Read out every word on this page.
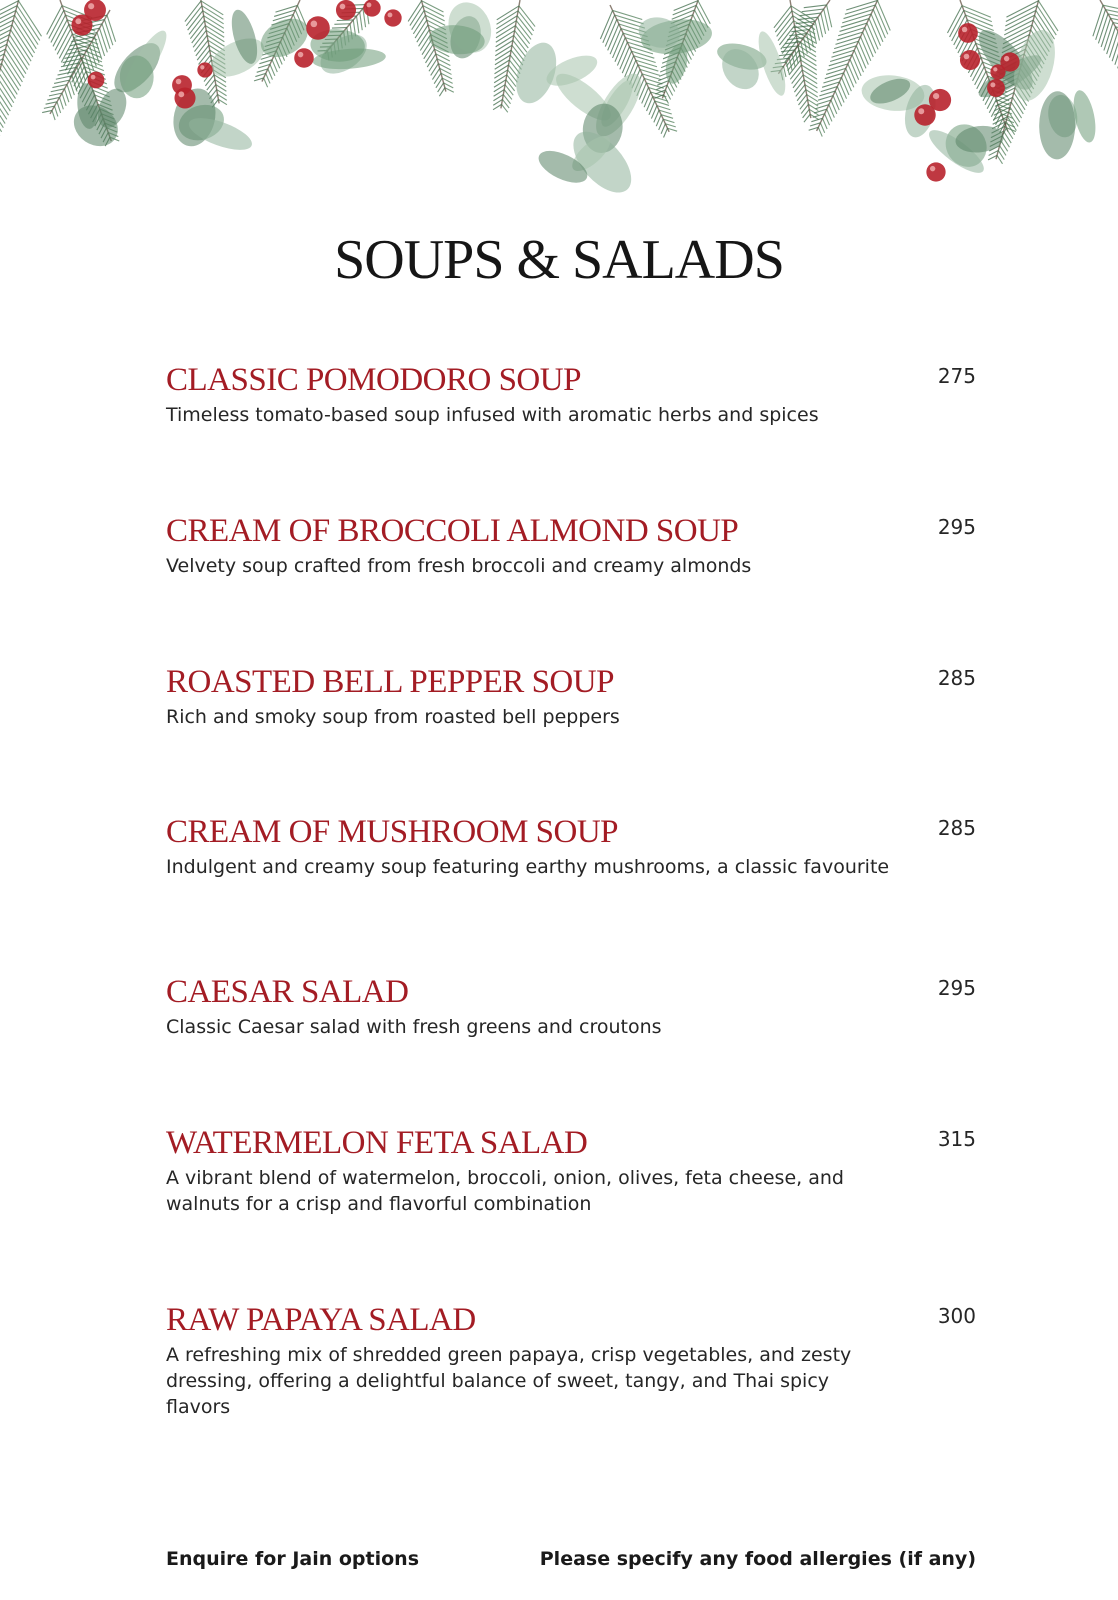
SOUPS & SALADS
CLASSIC POMODORO SOUP
Timeless tomato-based soup infused with aromatic herbs and spices
275
CREAM OF BROCCOLI ALMOND SOUP
Velvety soup crafted from fresh broccoli and creamy almonds
295
ROASTED BELL PEPPER SOUP
Rich and smoky soup from roasted bell peppers
285
CREAM OF MUSHROOM SOUP
Indulgent and creamy soup featuring earthy mushrooms, a classic favourite
285
CAESAR SALAD
Classic Caesar salad with fresh greens and croutons
295
WATERMELON FETA SALAD
A vibrant blend of watermelon, broccoli, onion, olives, feta cheese, and walnuts for a crisp and flavorful combination
315
RAW PAPAYA SALAD
A refreshing mix of shredded green papaya, crisp vegetables, and zesty dressing, offering a delightful balance of sweet, tangy, and Thai spicy flavors
300
Enquire for Jain options	Please specify any food allergies (if any)
